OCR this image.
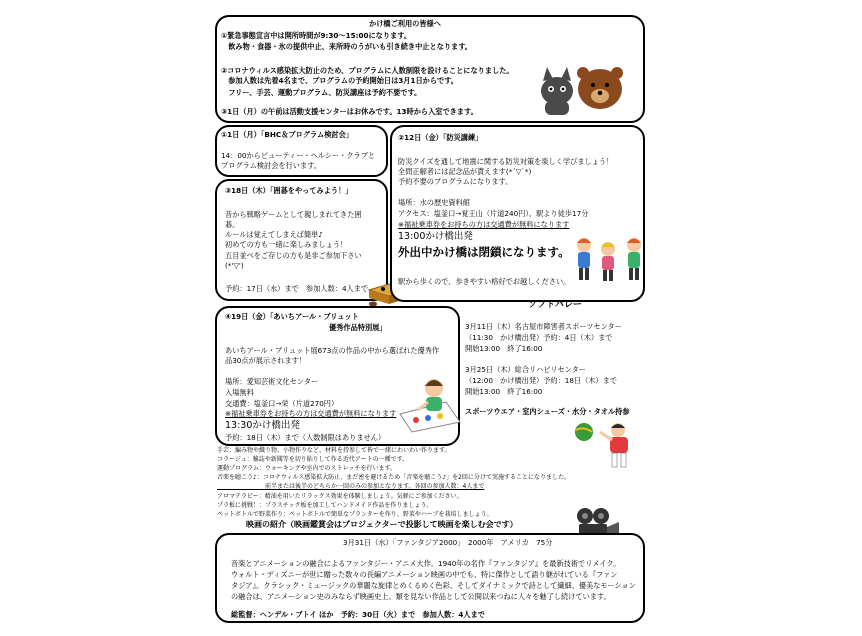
かけ橋ご利用の皆様へ
①緊急事態宣言中は開所時間が9:30～15:00になります。
　飲み物・食器・氷の提供中止、来所時のうがいも引き続き中止となります。
②コロナウィルス感染拡大防止のため、プログラムに人数制限を設けることになりました。
　参加人数は先着4名まで、プログラムの予約開始日は3月1日からです。
　フリー、手芸、運動プログラム、防災講座は予約不要です。
③1日（月）の午前は活動支援センターはお休みです。13時から入室できます。
①1日（月）「BHC＆プログラム検討会」
14：00からビューティー・ヘルシー・クラブと
プログラム検討会を行います。
③18日（木）「囲碁をやってみよう！」
昔から戦略ゲームとして親しまれてきた囲
碁。
ルールは覚えてしまえば簡単♪
初めての方も一緒に楽しみましょう！
五目並べをご存じの方も是非ご参加下さい
(*'▽')
予約：17日（水）まで　参加人数：4人まで
②12日（金）「防災講練」
防災クイズを通して地震に関する防災対策を楽しく学びましょう！
全問正解者には記念品が貰えます(*´▽`*)
予約不要のプログラムになります。
場所：水の歴史資料館
アクセス：塩釜口→覚王山（片道240円）、駅より徒歩17分
※福祉乗車券をお持ちの方は交通費が無料になります
13:00かけ橋出発
外出中かけ橋は閉鎖になります。
駅から歩くので、歩きやすい格好でお越しください。
④19日（金）「あいちアール・ブリュット
優秀作品特別展」
あいちアール・ブリュット展673点の作品の中から選ばれた優秀作
品30点が展示されます！
場所：愛知芸術文化センター
入場無料
交通費：塩釜口→栄（片道270円）
※福祉乗車券をお持ちの方は交通費が無料になります
13:30かけ橋出発
予約：18日（木）まで（人数制限はありません）
ソフトバレー
3月11日（木）名古屋市障害者スポーツセンター
（11:30　かけ橋出発）予約：4日（木）まで
開始13:00　終了16:00
3月25日（木）総合リハビリセンター
（12:00　かけ橋出発）予約：18日（木）まで
開始13:00　終了16:00
スポーツウエア・室内シューズ・水分・タオル持参
手芸：編み物や織り物、小物作りなど、材料を持参して皆で一緒にわいわい作ります。
コラージュ：雑誌や新聞等を切り貼りして作る近代アートの一種です。
運動プログラム：ウォーキングや室内でのストレッチを行います。
音楽を聴こう♪：コロナウィルス感染拡大防止、まだ密を避けるため「音楽を聴こう♪」を2回に分けて実施することになりました。
　　　　　　　　前半または後半のどちらか一回のみの参加となります。各回の参加人数：4人まで
アロマテラピー：精油を用いたリラックス効果を体験しましょう。気軽にご参加ください。
プラ板に挑戦！：プラスチック板を加工してハンドメイド作品を作りましょう。
ペットボトルで野菜作り：ペットボトルで簡単なプランターを作り、野菜やハーブを栽培しましょう。
映画の紹介（映画鑑賞会はプロジェクターで投影して映画を楽しむ会です）
3月31日（水）「ファンタジア2000」　2000年　アメリカ　75分
音楽とアニメーションの融合によるファンタジー・アニメ大作。1940年の名作『ファンタジア』を最新技術でリメイク。
ウォルト・ディズニーが世に贈った数々の長編アニメーション映画の中でも、特に傑作として語り継がれている『ファン
タジア』。クラシック・ミュージックの華麗な旋律とめくるめく色彩、そしてダイナミックで詩として繊細、優美なモーション
の融合は、アニメーション史のみならず映画史上、類を見ない作品として公開以来つねに人々を魅了し続けています。
総監督：ヘンデル・ブトイ ほか　予約：30日（火）まで　参加人数：4人まで
